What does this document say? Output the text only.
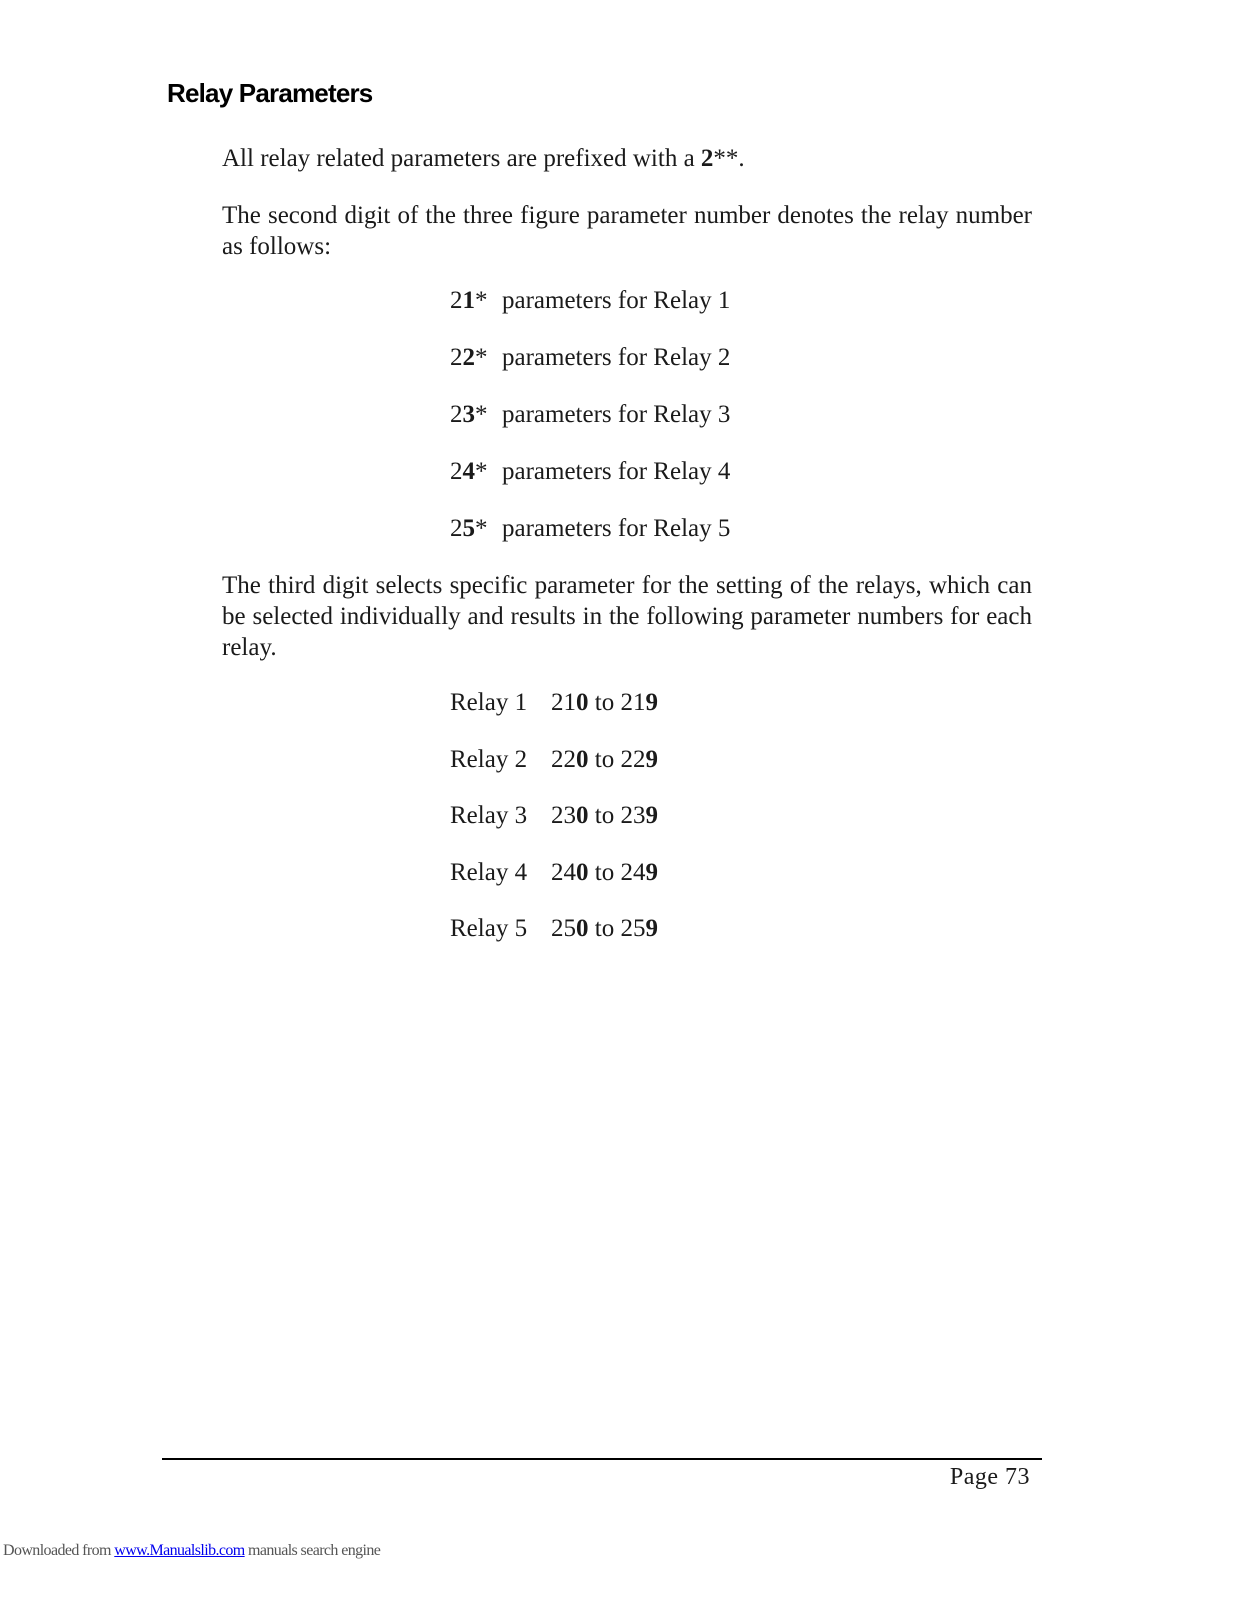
Relay Parameters

All relay related parameters are prefixed with a 2**.

The second digit of the three figure parameter number denotes the relay number as follows:

21* parameters for Relay 1
22* parameters for Relay 2
23* parameters for Relay 3
24* parameters for Relay 4
25* parameters for Relay 5

The third digit selects specific parameter for the setting of the relays, which can be selected individually and results in the following parameter numbers for each relay.

Relay 1 210 to 219
Relay 2 220 to 229
Relay 3 230 to 239
Relay 4 240 to 249
Relay 5 250 to 259
Page 73
Downloaded from www.Manualslib.com manuals search engine
